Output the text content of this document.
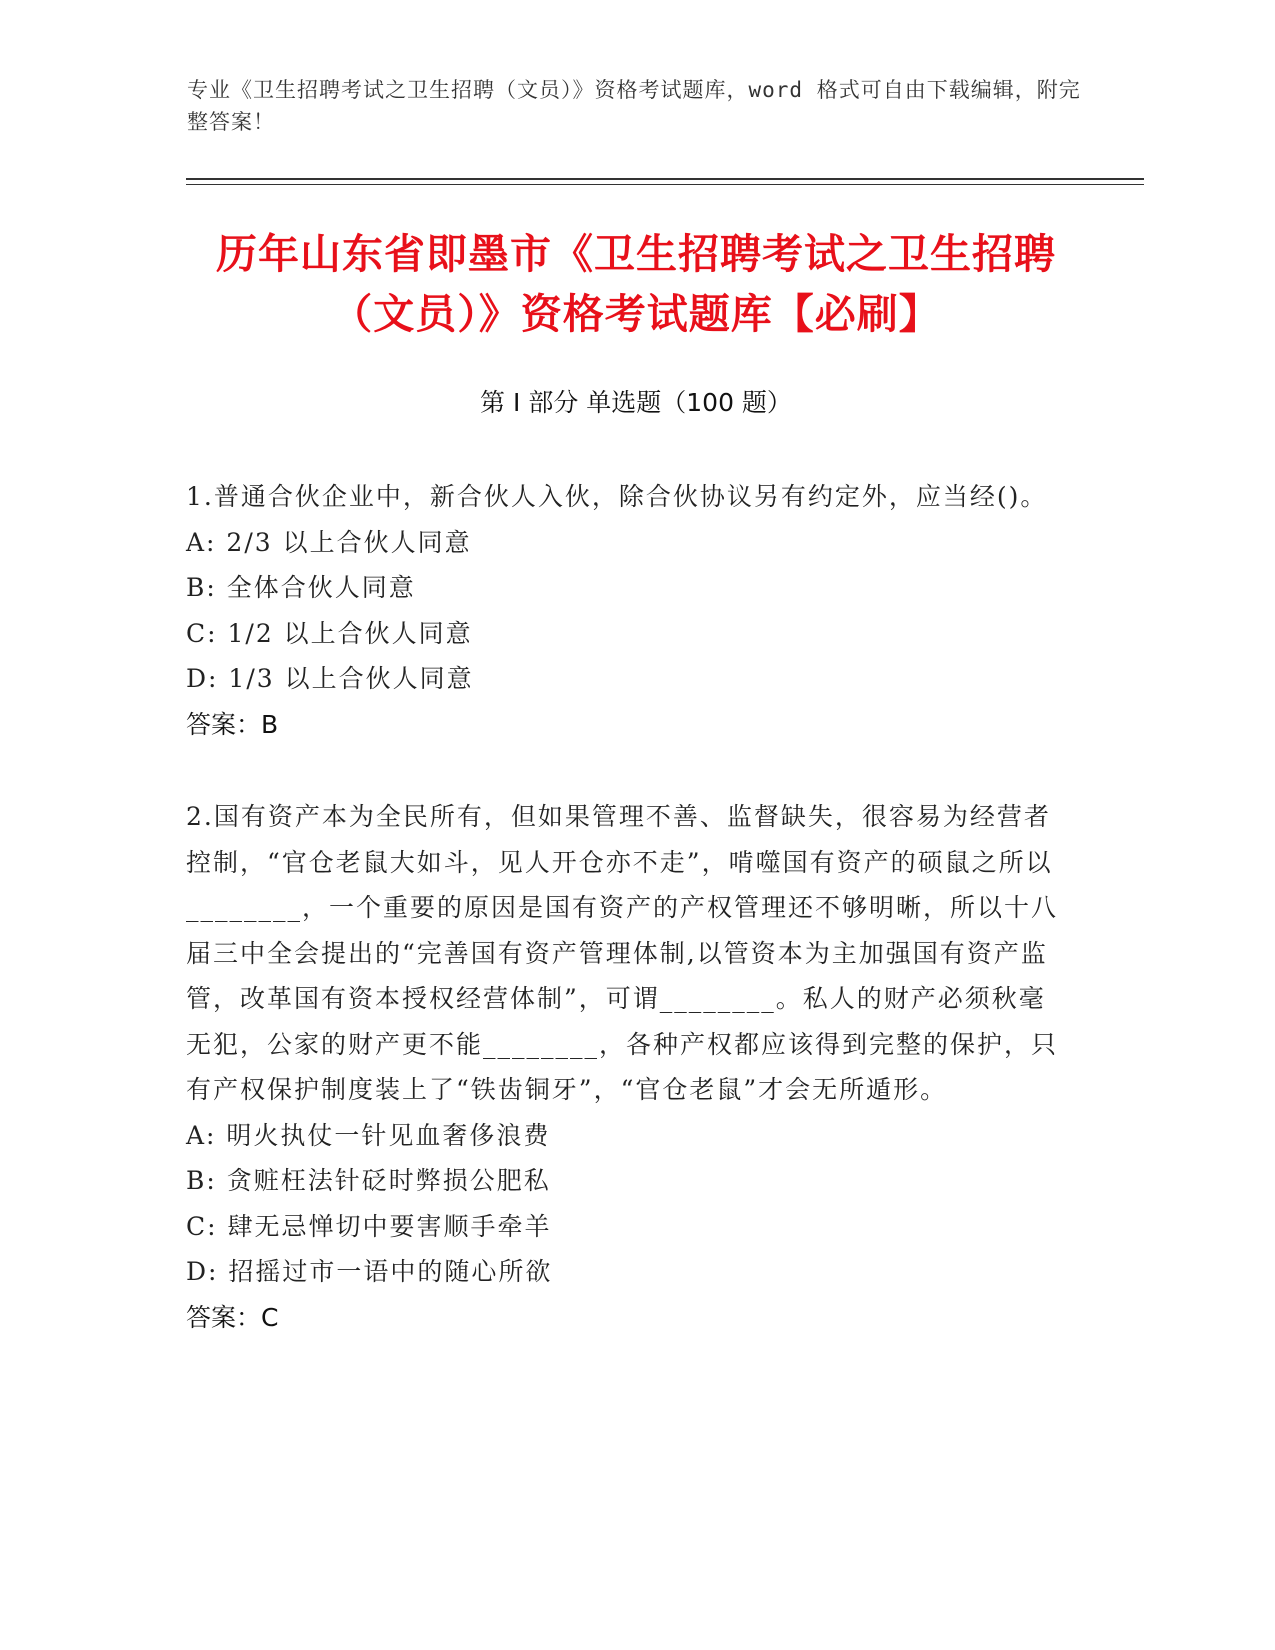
专业《卫生招聘考试之卫生招聘（文员）》资格考试题库，word 格式可自由下载编辑，附完整答案！
历年山东省即墨市《卫生招聘考试之卫生招聘（文员）》资格考试题库【必刷】
第 I 部分 单选题（100 题）
1.普通合伙企业中，新合伙人入伙，除合伙协议另有约定外，应当经()。
A: 2/3 以上合伙人同意
B: 全体合伙人同意
C: 1/2 以上合伙人同意
D: 1/3 以上合伙人同意
答案：B
2.国有资产本为全民所有，但如果管理不善、监督缺失，很容易为经营者控制，“官仓老鼠大如斗，见人开仓亦不走”，啃噬国有资产的硕鼠之所以________，一个重要的原因是国有资产的产权管理还不够明晰，所以十八届三中全会提出的“完善国有资产管理体制,以管资本为主加强国有资产监管，改革国有资本授权经营体制”，可谓________。私人的财产必须秋毫无犯，公家的财产更不能________，各种产权都应该得到完整的保护，只有产权保护制度装上了“铁齿铜牙”，“官仓老鼠”才会无所遁形。
A: 明火执仗一针见血奢侈浪费
B: 贪赃枉法针砭时弊损公肥私
C: 肆无忌惮切中要害顺手牵羊
D: 招摇过市一语中的随心所欲
答案：C
